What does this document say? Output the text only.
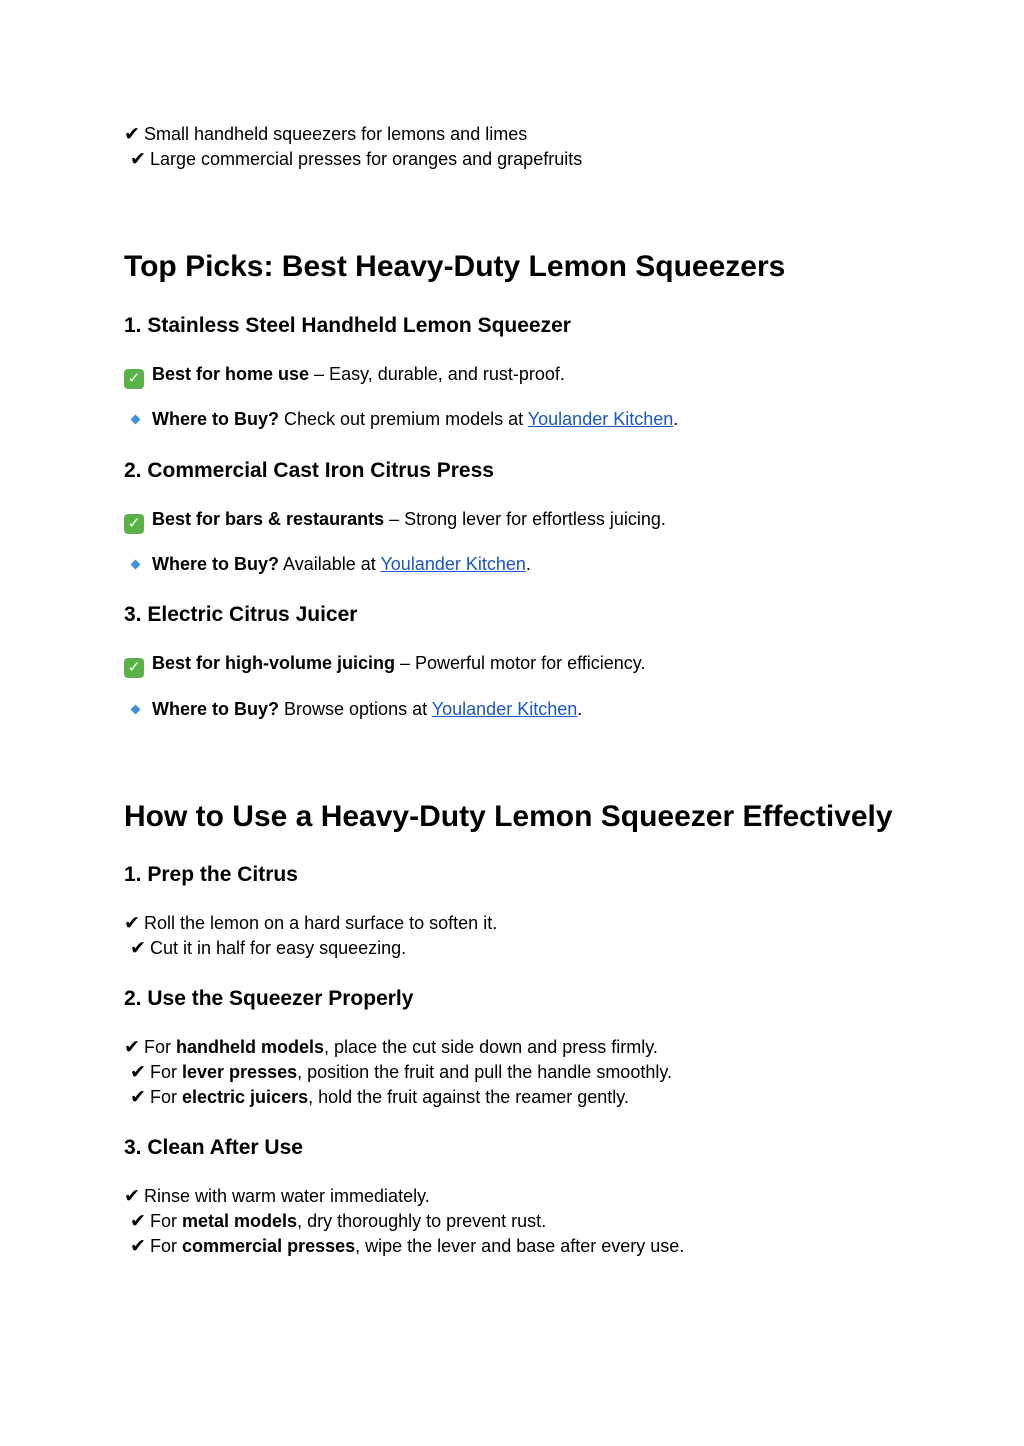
✔ Small handheld squeezers for lemons and limes
✔ Large commercial presses for oranges and grapefruits
Top Picks: Best Heavy-Duty Lemon Squeezers
1. Stainless Steel Handheld Lemon Squeezer
✓ Best for home use – Easy, durable, and rust-proof.
Where to Buy? Check out premium models at Youlander Kitchen.
2. Commercial Cast Iron Citrus Press
✓ Best for bars & restaurants – Strong lever for effortless juicing.
Where to Buy? Available at Youlander Kitchen.
3. Electric Citrus Juicer
✓ Best for high-volume juicing – Powerful motor for efficiency.
Where to Buy? Browse options at Youlander Kitchen.
How to Use a Heavy-Duty Lemon Squeezer Effectively
1. Prep the Citrus
✔ Roll the lemon on a hard surface to soften it.
✔ Cut it in half for easy squeezing.
2. Use the Squeezer Properly
✔ For handheld models, place the cut side down and press firmly.
✔ For lever presses, position the fruit and pull the handle smoothly.
✔ For electric juicers, hold the fruit against the reamer gently.
3. Clean After Use
✔ Rinse with warm water immediately.
✔ For metal models, dry thoroughly to prevent rust.
✔ For commercial presses, wipe the lever and base after every use.
